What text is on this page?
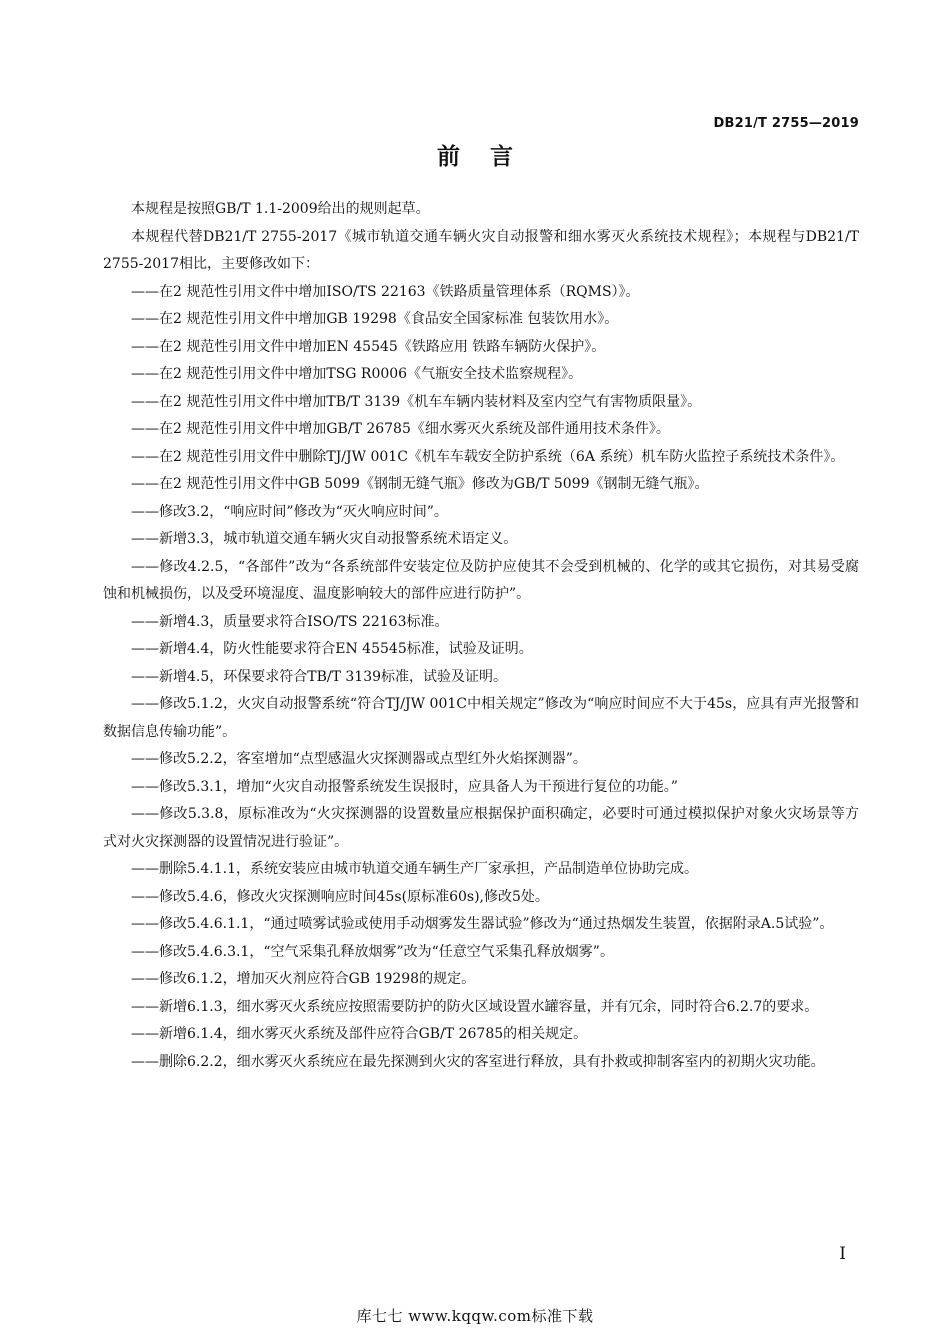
DB21/T 2755—2019
前言

本规程是按照GB/T 1.1-2009给出的规则起草。

本规程代替DB21/T 2755-2017《城市轨道交通车辆火灾自动报警和细水雾灭火系统技术规程》；本规程与DB21/T 2755-2017相比，主要修改如下：

——在2 规范性引用文件中增加ISO/TS 22163《铁路质量管理体系（RQMS）》。

——在2 规范性引用文件中增加GB 19298《食品安全国家标准 包装饮用水》。

——在2 规范性引用文件中增加EN 45545《铁路应用 铁路车辆防火保护》。

——在2 规范性引用文件中增加TSG R0006《气瓶安全技术监察规程》。

——在2 规范性引用文件中增加TB/T 3139《机车车辆内装材料及室内空气有害物质限量》。

——在2 规范性引用文件中增加GB/T 26785《细水雾灭火系统及部件通用技术条件》。

——在2 规范性引用文件中删除TJ/JW 001C《机车车载安全防护系统（6A 系统）机车防火监控子系统技术条件》。

——在2 规范性引用文件中GB 5099《钢制无缝气瓶》修改为GB/T 5099《钢制无缝气瓶》。

——修改3.2，“响应时间”修改为“灭火响应时间”。

——新增3.3，城市轨道交通车辆火灾自动报警系统术语定义。

——修改4.2.5，“各部件”改为“各系统部件安装定位及防护应使其不会受到机械的、化学的或其它损伤，对其易受腐蚀和机械损伤，以及受环境湿度、温度影响较大的部件应进行防护”。

——新增4.3，质量要求符合ISO/TS 22163标准。

——新增4.4，防火性能要求符合EN 45545标准，试验及证明。

——新增4.5，环保要求符合TB/T 3139标准，试验及证明。

——修改5.1.2，火灾自动报警系统“符合TJ/JW 001C中相关规定”修改为“响应时间应不大于45s，应具有声光报警和数据信息传输功能”。

——修改5.2.2，客室增加“点型感温火灾探测器或点型红外火焰探测器”。

——修改5.3.1，增加“火灾自动报警系统发生误报时，应具备人为干预进行复位的功能。”

——修改5.3.8，原标准改为“火灾探测器的设置数量应根据保护面积确定，必要时可通过模拟保护对象火灾场景等方式对火灾探测器的设置情况进行验证”。

——删除5.4.1.1，系统安装应由城市轨道交通车辆生产厂家承担，产品制造单位协助完成。

——修改5.4.6，修改火灾探测响应时间45s(原标准60s),修改5处。

——修改5.4.6.1.1，“通过喷雾试验或使用手动烟雾发生器试验”修改为“通过热烟发生装置，依据附录A.5试验”。

——修改5.4.6.3.1，“空气采集孔释放烟雾”改为“任意空气采集孔释放烟雾”。

——修改6.1.2，增加灭火剂应符合GB 19298的规定。

——新增6.1.3，细水雾灭火系统应按照需要防护的防火区域设置水罐容量，并有冗余，同时符合6.2.7的要求。

——新增6.1.4，细水雾灭火系统及部件应符合GB/T 26785的相关规定。

——删除6.2.2，细水雾灭火系统应在最先探测到火灾的客室进行释放，具有扑救或抑制客室内的初期火灾功能。

I
库七七 www.kqqw.com标准下载
